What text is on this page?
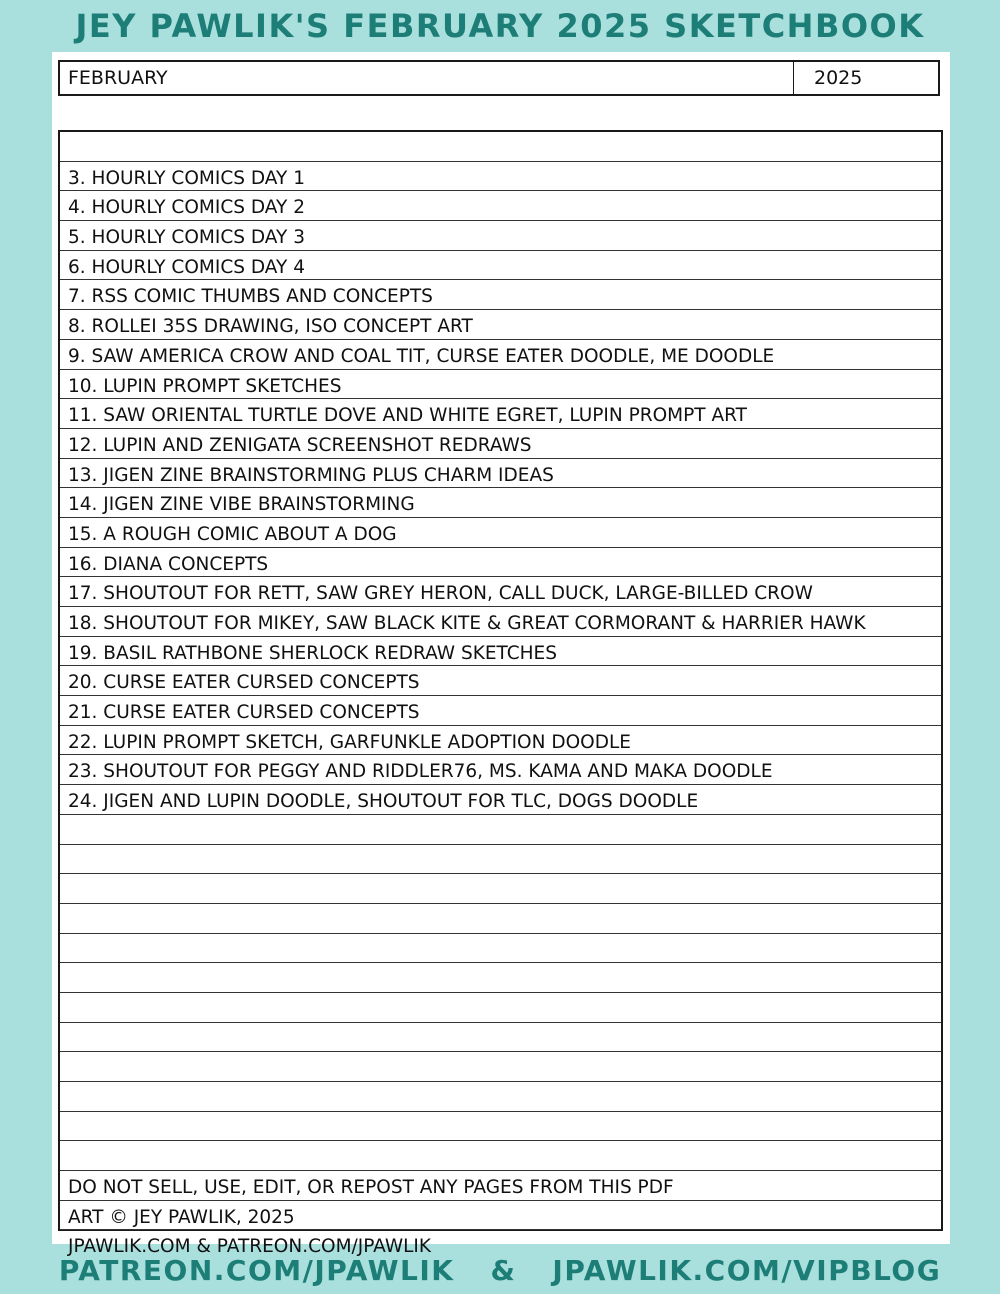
JEY PAWLIK'S FEBRUARY 2025 SKETCHBOOK
FEBRUARY	2025
3. HOURLY COMICS DAY 1
4. HOURLY COMICS DAY 2
5. HOURLY COMICS DAY 3
6. HOURLY COMICS DAY 4
7. RSS COMIC THUMBS AND CONCEPTS
8. ROLLEI 35S DRAWING, ISO CONCEPT ART
9. SAW AMERICA CROW AND COAL TIT, CURSE EATER DOODLE, ME DOODLE
10. LUPIN PROMPT SKETCHES
11. SAW ORIENTAL TURTLE DOVE AND WHITE EGRET, LUPIN PROMPT ART
12. LUPIN AND ZENIGATA SCREENSHOT REDRAWS
13. JIGEN ZINE BRAINSTORMING PLUS CHARM IDEAS
14. JIGEN ZINE VIBE BRAINSTORMING
15. A ROUGH COMIC ABOUT A DOG
16. DIANA CONCEPTS
17. SHOUTOUT FOR RETT, SAW GREY HERON, CALL DUCK, LARGE-BILLED CROW
18. SHOUTOUT FOR MIKEY, SAW BLACK KITE & GREAT CORMORANT & HARRIER HAWK
19. BASIL RATHBONE SHERLOCK REDRAW SKETCHES
20. CURSE EATER CURSED CONCEPTS
21. CURSE EATER CURSED CONCEPTS
22. LUPIN PROMPT SKETCH, GARFUNKLE ADOPTION DOODLE
23. SHOUTOUT FOR PEGGY AND RIDDLER76, MS. KAMA AND MAKA DOODLE
24. JIGEN AND LUPIN DOODLE, SHOUTOUT FOR TLC, DOGS DOODLE
DO NOT SELL, USE, EDIT, OR REPOST ANY PAGES FROM THIS PDF
ART © JEY PAWLIK, 2025
JPAWLIK.COM & PATREON.COM/JPAWLIK
PATREON.COM/JPAWLIK & JPAWLIK.COM/VIPBLOG
